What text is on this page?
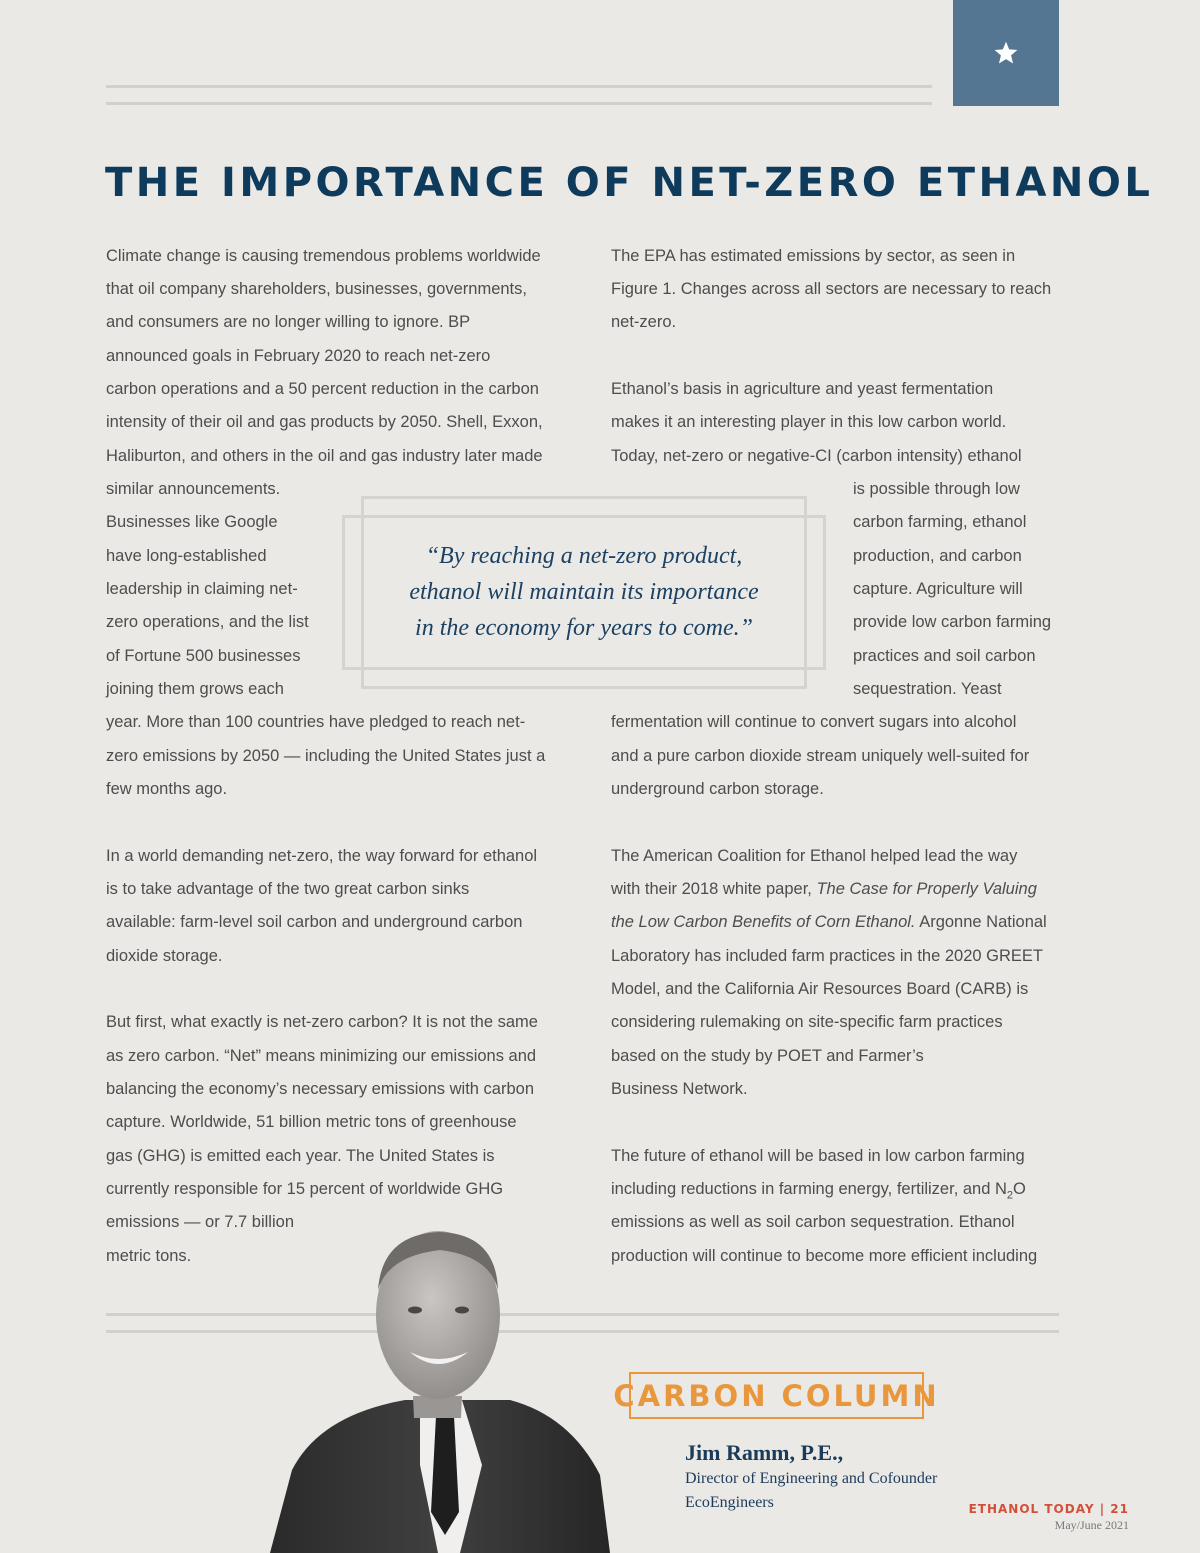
THE IMPORTANCE OF NET-ZERO ETHANOL
Climate change is causing tremendous problems worldwide
that oil company shareholders, businesses, governments,
and consumers are no longer willing to ignore. BP
announced goals in February 2020 to reach net-zero
carbon operations and a 50 percent reduction in the carbon
intensity of their oil and gas products by 2050. Shell, Exxon,
Haliburton, and others in the oil and gas industry later made
similar announcements.
Businesses like Google
have long-established
leadership in claiming net-
zero operations, and the list
of Fortune 500 businesses
joining them grows each
year. More than 100 countries have pledged to reach net-
zero emissions by 2050 — including the United States just a
few months ago.
In a world demanding net-zero, the way forward for ethanol
is to take advantage of the two great carbon sinks
available: farm-level soil carbon and underground carbon
dioxide storage.
But first, what exactly is net-zero carbon? It is not the same
as zero carbon. “Net” means minimizing our emissions and
balancing the economy’s necessary emissions with carbon
capture. Worldwide, 51 billion metric tons of greenhouse
gas (GHG) is emitted each year. The United States is
currently responsible for 15 percent of worldwide GHG
emissions — or 7.7 billion
metric tons.
The EPA has estimated emissions by sector, as seen in
Figure 1. Changes across all sectors are necessary to reach
net-zero.
Ethanol’s basis in agriculture and yeast fermentation
makes it an interesting player in this low carbon world.
Today, net-zero or negative-CI (carbon intensity) ethanol
is possible through low
carbon farming, ethanol
production, and carbon
capture. Agriculture will
provide low carbon farming
practices and soil carbon
sequestration. Yeast
fermentation will continue to convert sugars into alcohol
and a pure carbon dioxide stream uniquely well-suited for
underground carbon storage.
The American Coalition for Ethanol helped lead the way
with their 2018 white paper, The Case for Properly Valuing
the Low Carbon Benefits of Corn Ethanol. Argonne National
Laboratory has included farm practices in the 2020 GREET
Model, and the California Air Resources Board (CARB) is
considering rulemaking on site-specific farm practices
based on the study by POET and Farmer’s
Business Network.
The future of ethanol will be based in low carbon farming
including reductions in farming energy, fertilizer, and $N_2O$
emissions as well as soil carbon sequestration. Ethanol
production will continue to become more efficient including
“By reaching a net-zero product,
ethanol will maintain its importance
in the economy for years to come.”
CARBON COLUMN
Jim Ramm, P.E.,
Director of Engineering and Cofounder
EcoEngineers	ETHANOL TODAY | 21
May/June 2021
